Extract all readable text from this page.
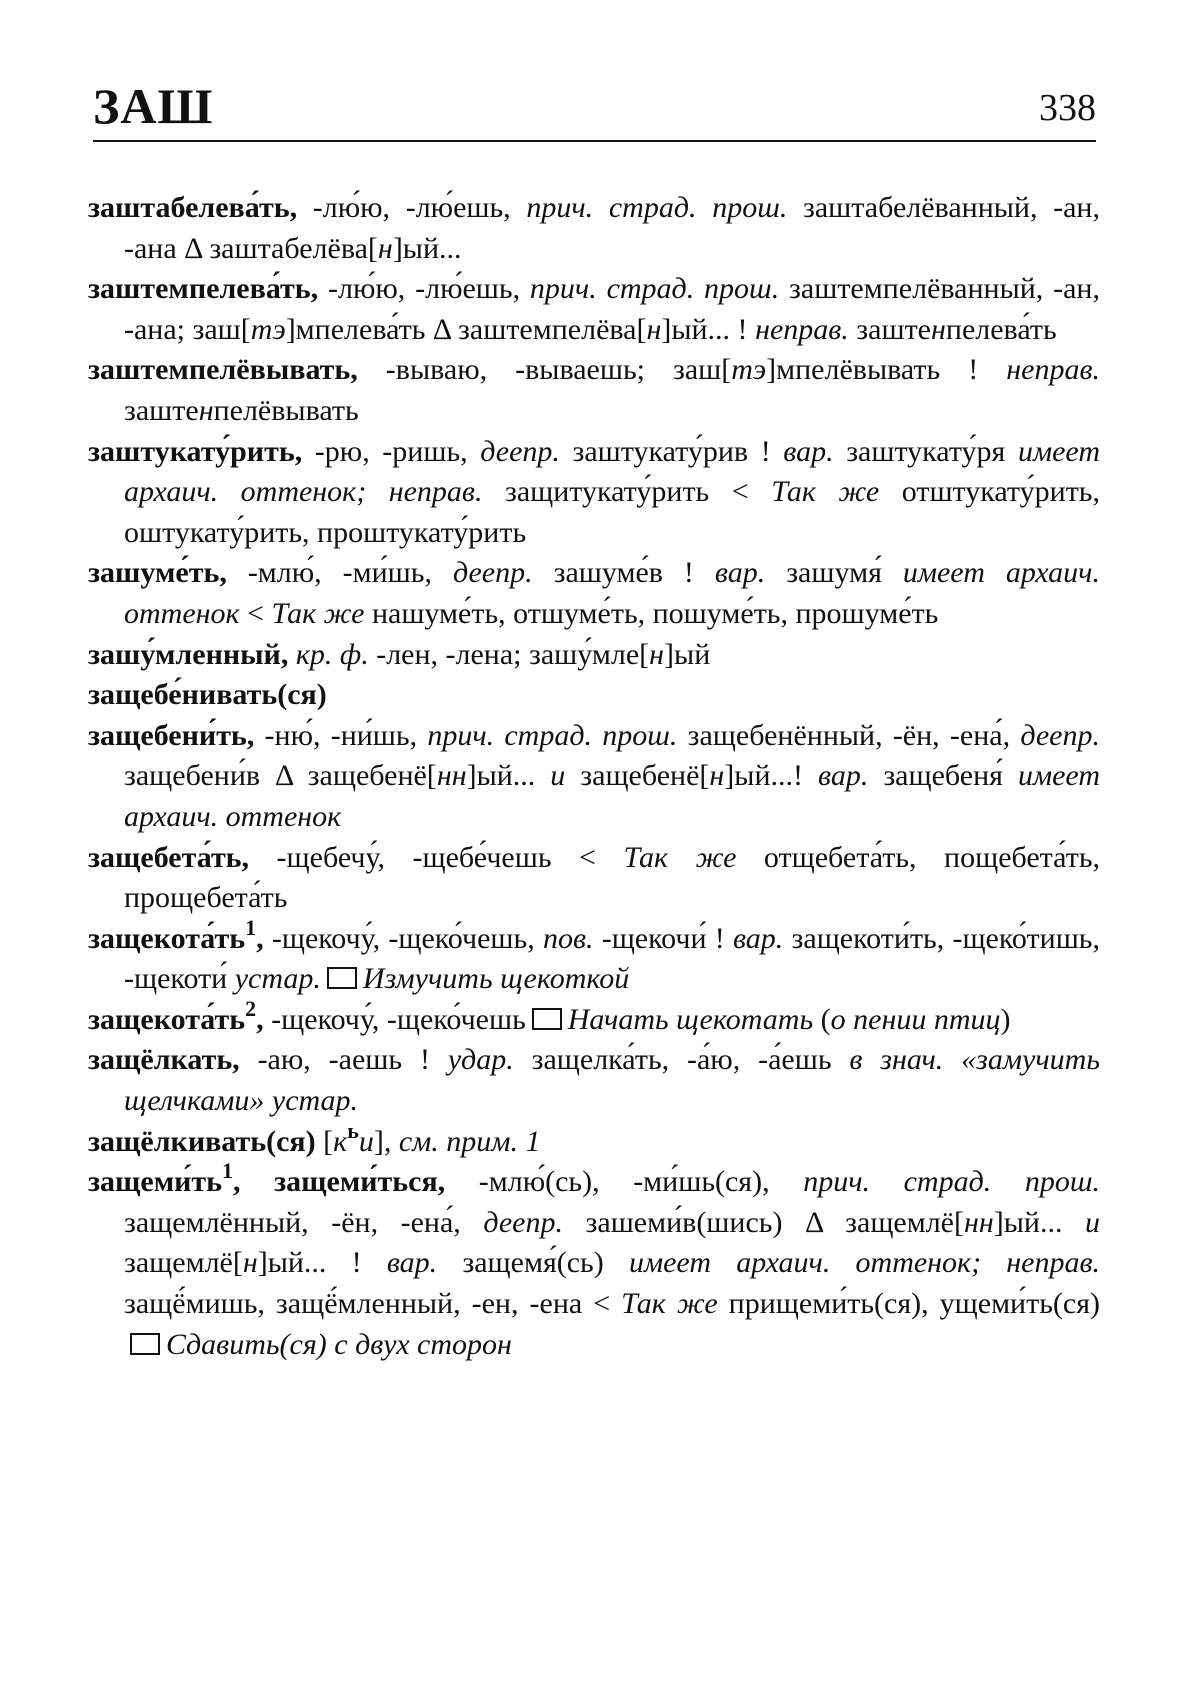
ЗАШ	338

заштабелева́ть, -лю́ю, -лю́ешь, прич. страд. прош. заштабелёванный, -ан, -ана Δ заштабелёва[н]ый...

заштемпелева́ть, -лю́ю, -лю́ешь, прич. страд. прош. заштемпелёванный, -ан, -ана; заш[тэ]мпелева́ть Δ заштемпелёва[н]ый... ! неправ. заштенпелева́ть

заштемпелёвывать, -вываю, -вываешь; заш[тэ]мпелёвывать ! неправ. заштенпелёвывать

заштукату́рить, -рю, -ришь, деепр. заштукату́рив ! вар. заштукату́ря имеет архаич. оттенок; неправ. защитукату́рить < Так же отштукату́рить, оштукату́рить, проштукату́рить

зашуме́ть, -млю́, -ми́шь, деепр. зашуме́в ! вар. зашумя́ имеет архаич. оттенок < Так же нашуме́ть, отшуме́ть, пошуме́ть, прошуме́ть

зашу́мленный, кр. ф. -лен, -лена; зашу́мле[н]ый

защебе́нивать(ся)

защебени́ть, -ню́, -ни́шь, прич. страд. прош. защебенённый, -ён, -ена́, деепр. защебени́в Δ защебенё[нн]ый... и защебенё[н]ый...! вар. защебеня́ имеет архаич. оттенок

защебета́ть, -щебечу́, -щебе́чешь < Так же отщебета́ть, пощебета́ть, прощебета́ть

$защекота́ть^1$, -щекочу́, -щеко́чешь, пов. -щекочи́ ! вар. защекоти́ть, -щеко́тишь, -щекоти́ устар. Измучить щекоткой

$защекота́ть^2$, -щекочу́, -щеко́чешь Начать щекотать (о пении птиц)

защёлкать, -аю, -аешь ! удар. защелка́ть, -а́ю, -а́ешь в знач. «замучить щелчками» устар.

защёлкивать(ся) $[к^ьи]$, см. прим. 1

$защеми́ть^1$, защеми́ться, -млю́(сь), -ми́шь(ся), прич. страд. прош. защемлённый, -ён, -ена́, деепр. зашеми́в(шись) Δ защемлё[нн]ый... и защемлё[н]ый... ! вар. защемя́(сь) имеет архаич. оттенок; неправ. защё́мишь, защё́мленный, -ен, -ена < Так же прищеми́ть(ся), ущеми́ть(ся)Сдавить(ся) с двух сторон
